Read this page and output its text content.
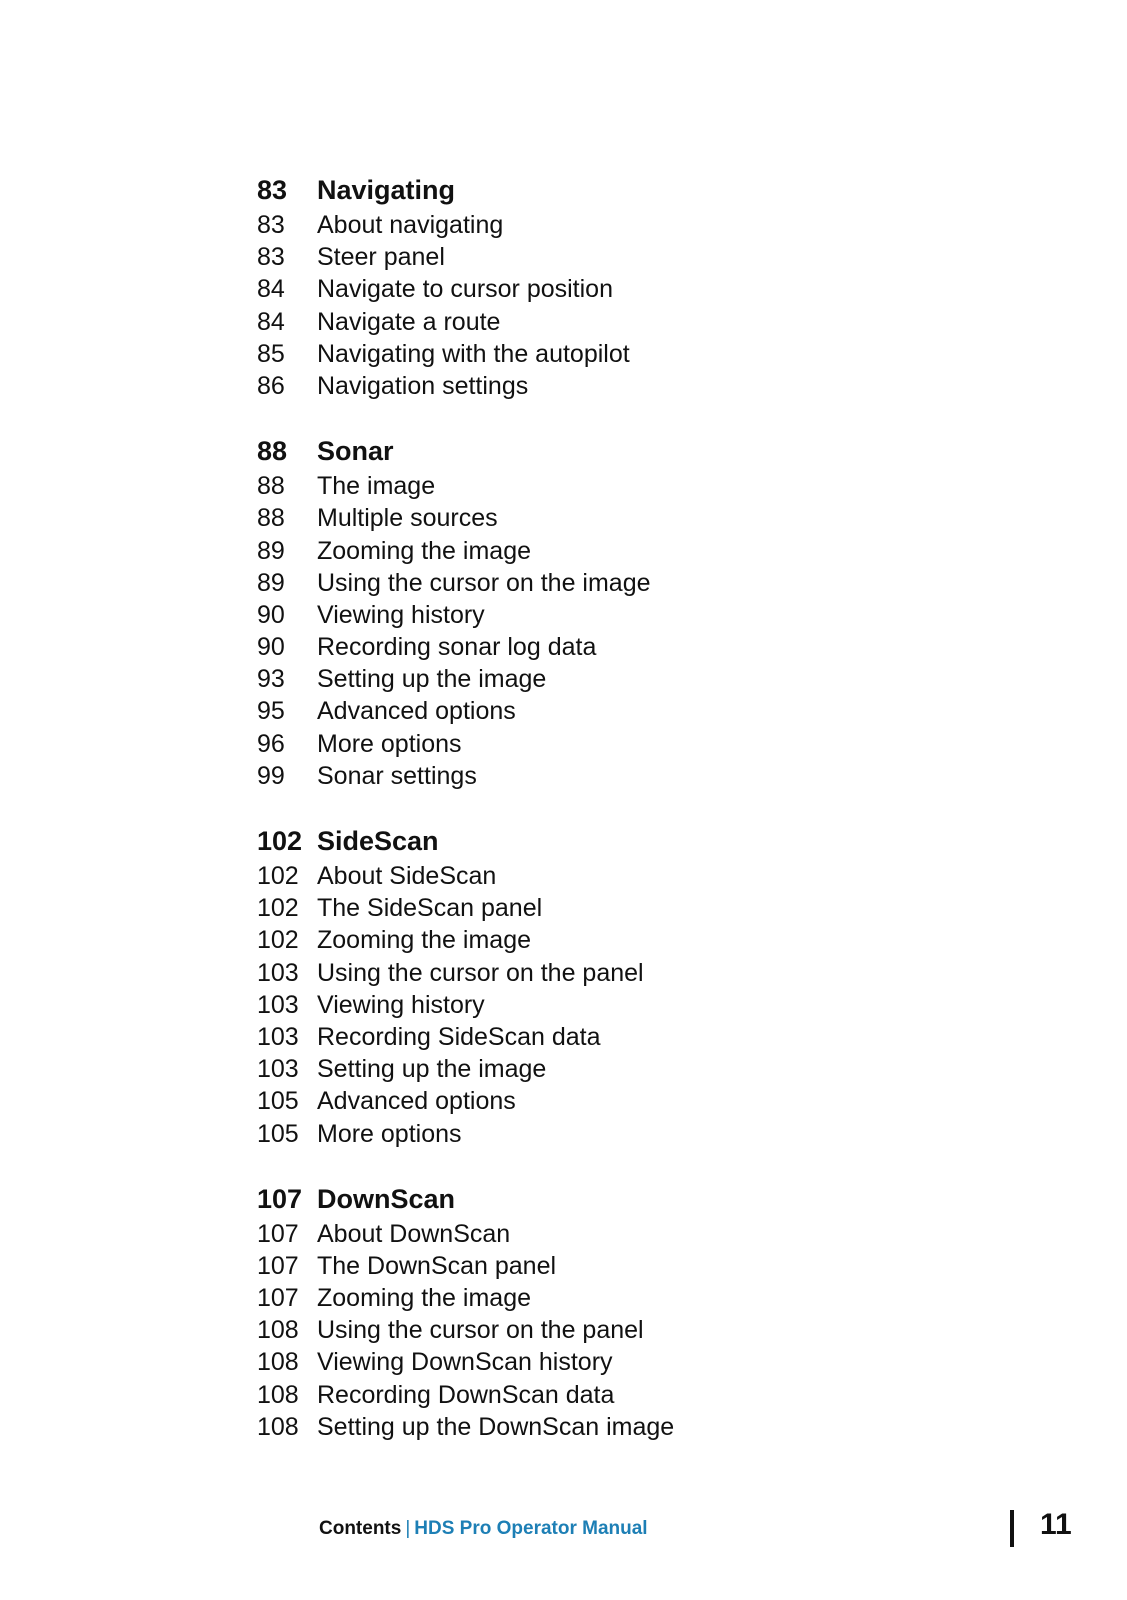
83	Navigating
83	About navigating
83	Steer panel
84	Navigate to cursor position
84	Navigate a route
85	Navigating with the autopilot
86	Navigation settings
88	Sonar
88	The image
88	Multiple sources
89	Zooming the image
89	Using the cursor on the image
90	Viewing history
90	Recording sonar log data
93	Setting up the image
95	Advanced options
96	More options
99	Sonar settings
102 SideScan
102 About SideScan
102 The SideScan panel
102 Zooming the image
103 Using the cursor on the panel
103 Viewing history
103 Recording SideScan data
103 Setting up the image
105 Advanced options
105 More options
107 DownScan
107 About DownScan
107 The DownScan panel
107 Zooming the image
108 Using the cursor on the panel
108 Viewing DownScan history
108 Recording DownScan data
108 Setting up the DownScan image
Contents | HDS Pro Operator Manual	11
